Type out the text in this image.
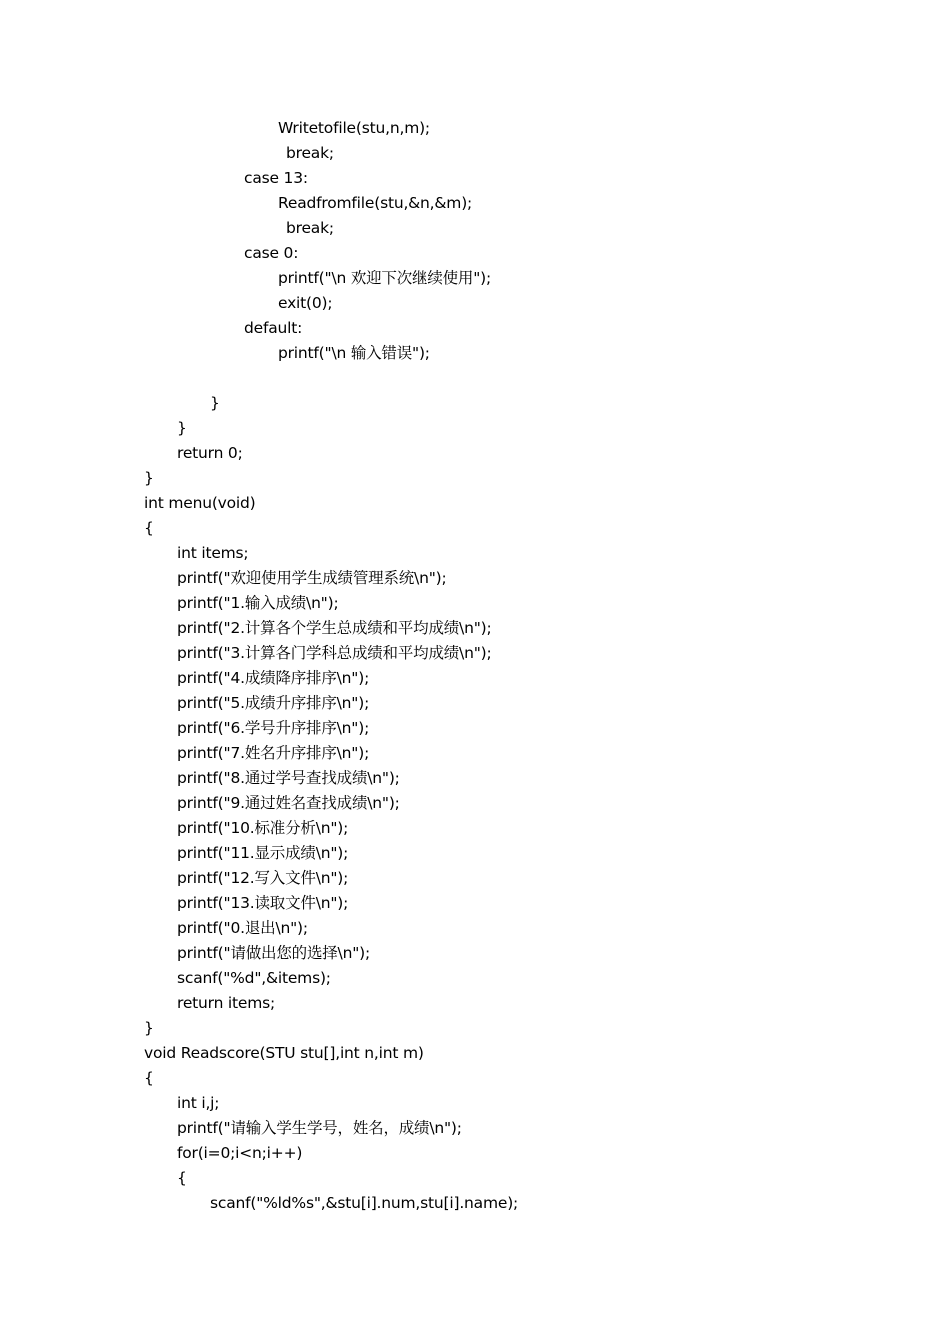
Writetofile(stu,n,m);
break;
case 13:
Readfromfile(stu,&n,&m);
break;
case 0:
printf("\n 欢迎下次继续使用");
exit(0);
default:
printf("\n 输入错误");
}
}
return 0;
}
int menu(void)
{
int items;
printf("欢迎使用学生成绩管理系统\n");
printf("1.输入成绩\n");
printf("2.计算各个学生总成绩和平均成绩\n");
printf("3.计算各门学科总成绩和平均成绩\n");
printf("4.成绩降序排序\n");
printf("5.成绩升序排序\n");
printf("6.学号升序排序\n");
printf("7.姓名升序排序\n");
printf("8.通过学号查找成绩\n");
printf("9.通过姓名查找成绩\n");
printf("10.标准分析\n");
printf("11.显示成绩\n");
printf("12.写入文件\n");
printf("13.读取文件\n");
printf("0.退出\n");
printf("请做出您的选择\n");
scanf("%d",&items);
return items;
}
void Readscore(STU stu[],int n,int m)
{
int i,j;
printf("请输入学生学号，姓名，成绩\n");
for(i=0;i<n;i++)
{
scanf("%ld%s",&stu[i].num,stu[i].name);
